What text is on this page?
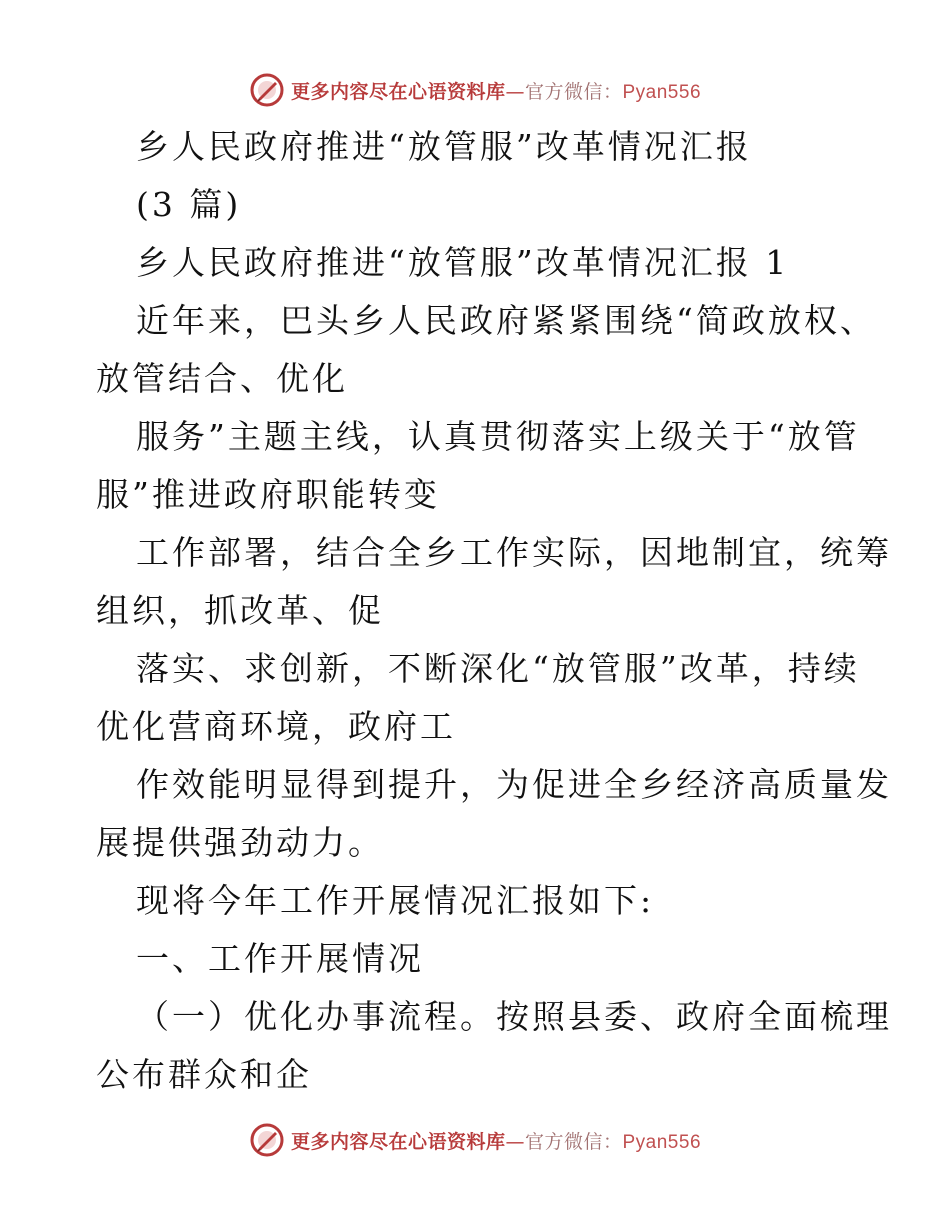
更多内容尽在心语资料库—官方微信：Pyan556
乡人民政府推进“放管服”改革情况汇报
(3 篇)
乡人民政府推进“放管服”改革情况汇报 1
近年来，巴头乡人民政府紧紧围绕“简政放权、
放管结合、优化
服务”主题主线，认真贯彻落实上级关于“放管
服”推进政府职能转变
工作部署，结合全乡工作实际，因地制宜，统筹
组织，抓改革、促
落实、求创新，不断深化“放管服”改革，持续
优化营商环境，政府工
作效能明显得到提升，为促进全乡经济高质量发
展提供强劲动力。
现将今年工作开展情况汇报如下:
一、工作开展情况
（一）优化办事流程。按照县委、政府全面梳理
公布群众和企
更多内容尽在心语资料库—官方微信：Pyan556
